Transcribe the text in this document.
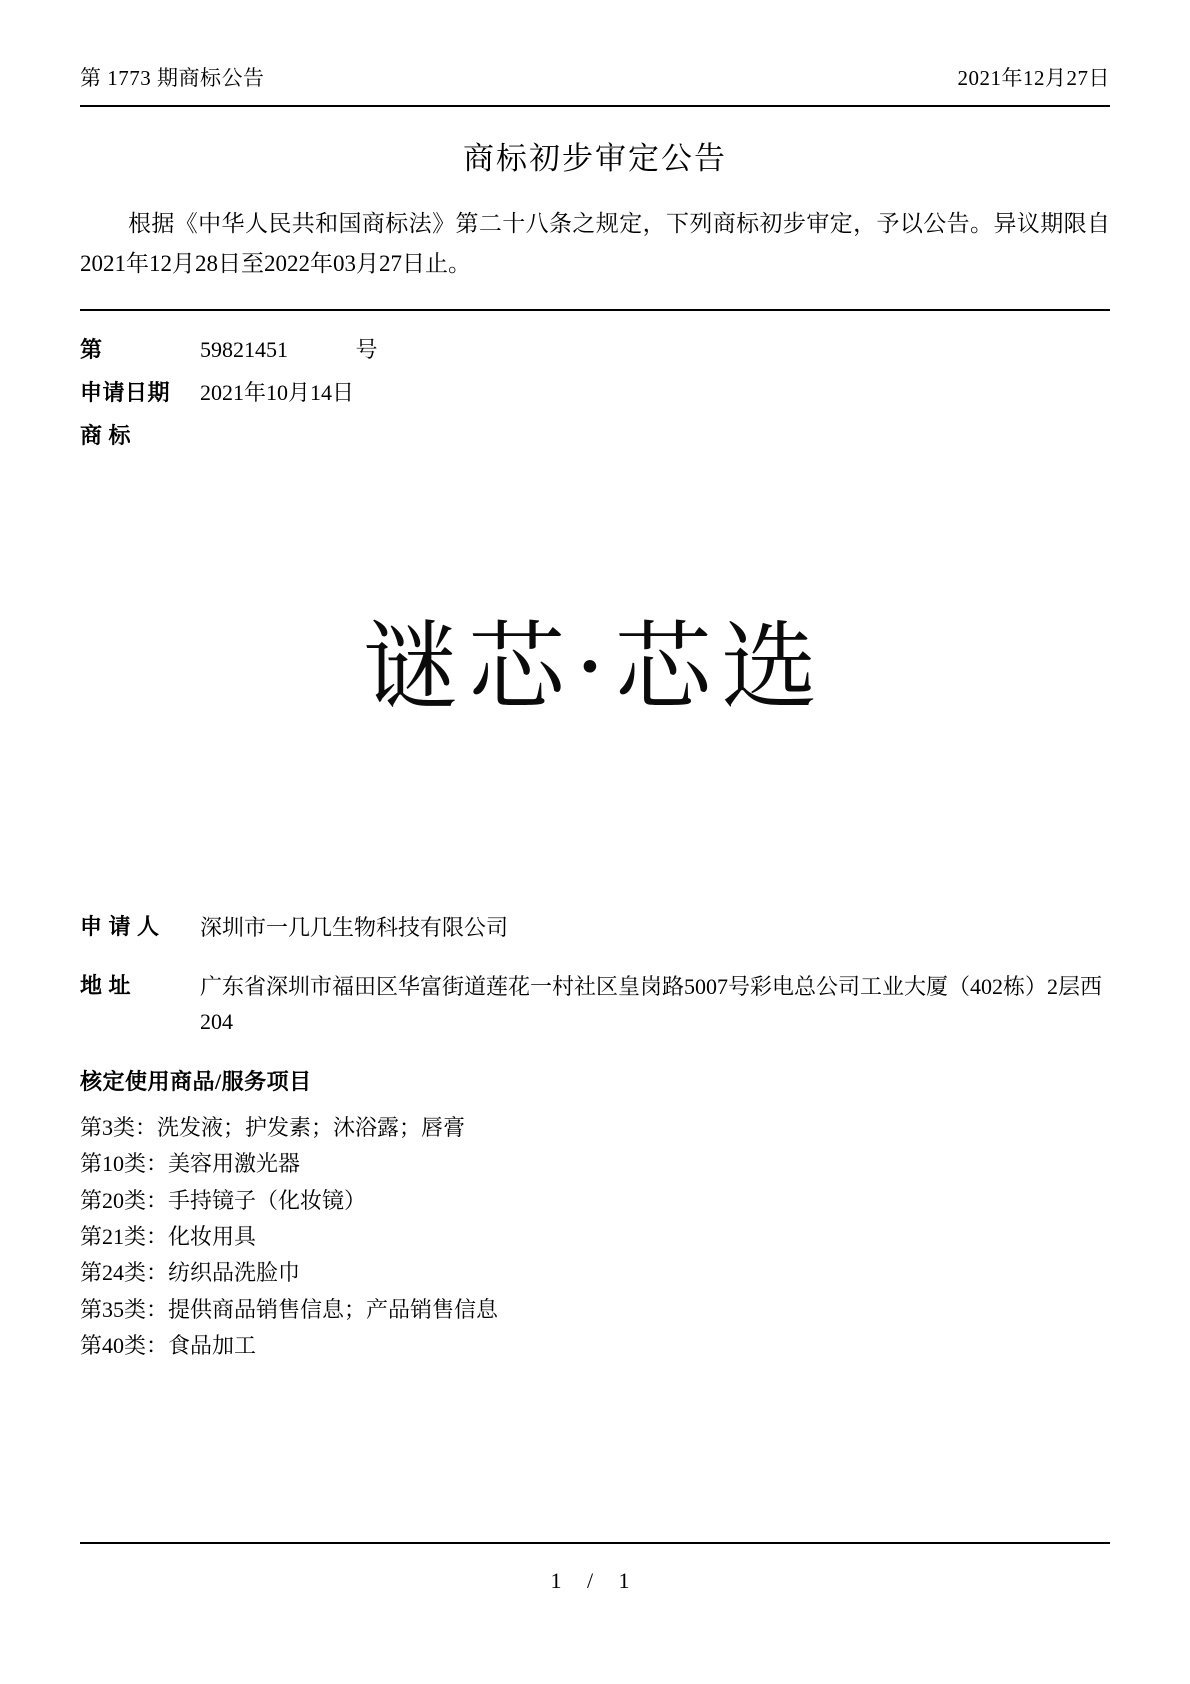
第 1773 期商标公告	2021年12月27日
商标初步审定公告
根据《中华人民共和国商标法》第二十八条之规定，下列商标初步审定，予以公告。异议期限自2021年12月28日至2022年03月27日止。
第	59821451	号
申请日期	2021年10月14日
商 标
谜芯·芯选
申 请 人	深圳市一几几生物科技有限公司
地 址	广东省深圳市福田区华富街道莲花一村社区皇岗路5007号彩电总公司工业大厦（402栋）2层西204
核定使用商品/服务项目
第3类：洗发液；护发素；沐浴露；唇膏
第10类：美容用激光器
第20类：手持镜子（化妆镜）
第21类：化妆用具
第24类：纺织品洗脸巾
第35类：提供商品销售信息；产品销售信息
第40类：食品加工
1 / 1
